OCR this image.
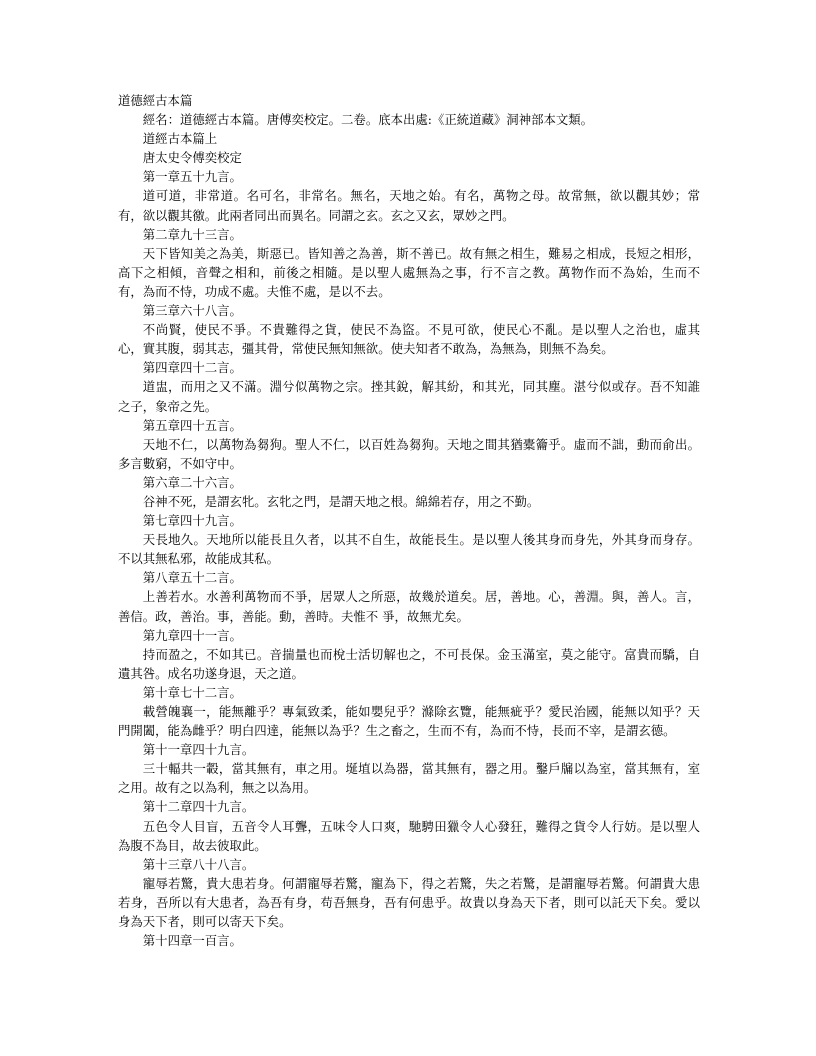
道德經古本篇

經名：道德經古本篇。唐傅奕校定。二卷。底本出處:《正統道藏》洞神部本文類。

道經古本篇上

唐太史令傅奕校定

第一章五十九言。

道可道，非常道。名可名，非常名。無名，天地之始。有名，萬物之母。故常無，欲以觀其妙；常有，欲以觀其徼。此兩者同出而異名。同謂之玄。玄之又玄，眾妙之門。

第二章九十三言。

天下皆知美之為美，斯惡已。皆知善之為善，斯不善已。故有無之相生，難易之相成，長短之相形，高下之相傾，音聲之相和，前後之相隨。是以聖人處無為之事，行不言之教。萬物作而不為始，生而不有，為而不恃，功成不處。夫惟不處，是以不去。

第三章六十八言。

不尚賢，使民不爭。不貴難得之貨，使民不為盜。不見可欲，使民心不亂。是以聖人之治也，虛其心，實其腹，弱其志，彊其骨，常使民無知無欲。使夫知者不敢為，為無為，則無不為矣。

第四章四十二言。

道盅，而用之又不滿。淵兮似萬物之宗。挫其銳，解其紛，和其光，同其塵。湛兮似或存。吾不知誰之子，象帝之先。

第五章四十五言。

天地不仁，以萬物為芻狗。聖人不仁，以百姓為芻狗。天地之間其猶橐籥乎。虛而不詘，動而俞出。多言數窮，不如守中。

第六章二十六言。

谷神不死，是謂玄牝。玄牝之門，是謂天地之根。綿綿若存，用之不勤。

第七章四十九言。

天長地久。天地所以能長且久者，以其不自生，故能長生。是以聖人後其身而身先，外其身而身存。不以其無私邪，故能成其私。

第八章五十二言。

上善若水。水善利萬物而不爭，居眾人之所惡，故幾於道矣。居，善地。心，善淵。與，善人。言，善信。政，善治。事，善能。動，善時。夫惟不 爭，故無尤矣。

第九章四十一言。

持而盈之，不如其已。音揣量也而梲士活切解也之，不可長保。金玉滿室，莫之能守。富貴而驕，自遺其咎。成名功遂身退，天之道。

第十章七十二言。

載營魄襄一，能無離乎？專氣致柔，能如嬰兒乎？滌除玄覽，能無疵乎？愛民治國，能無以知乎？天門開闔，能為雌乎？明白四達，能無以為乎？生之畜之，生而不有，為而不恃，長而不宰，是謂玄德。

第十一章四十九言。

三十輻共一轂，當其無有，車之用。埏埴以為器，當其無有，器之用。鑿戶牖以為室，當其無有，室之用。故有之以為利，無之以為用。

第十二章四十九言。

五色令人目盲，五音令人耳聾，五味令人口爽，馳騁田獵令人心發狂，難得之貨令人行妨。是以聖人為腹不為目，故去彼取此。

第十三章八十八言。

寵辱若驚，貴大患若身。何謂寵辱若驚，寵為下，得之若驚，失之若驚，是謂寵辱若驚。何謂貴大患若身，吾所以有大患者，為吾有身，苟吾無身，吾有何患乎。故貴以身為天下者，則可以託天下矣。愛以身為天下者，則可以寄天下矣。

第十四章一百言。
